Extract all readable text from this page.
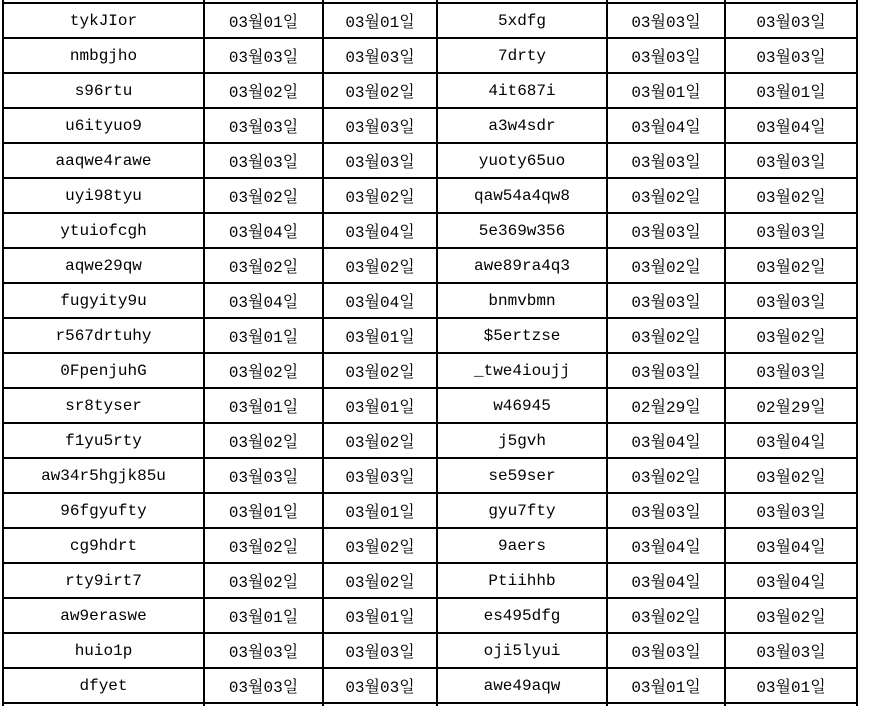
tykJIor	03월01일	03월01일	5xdfg	03월03일	03월03일
nmbgjho	03월03일	03월03일	7drty	03월03일	03월03일
s96rtu	03월02일	03월02일	4it687i	03월01일	03월01일
u6ityuo9	03월03일	03월03일	a3w4sdr	03월04일	03월04일
aaqwe4rawe	03월03일	03월03일	yuoty65uo	03월03일	03월03일
uyi98tyu	03월02일	03월02일	qaw54a4qw8	03월02일	03월02일
ytuiofcgh	03월04일	03월04일	5e369w356	03월03일	03월03일
aqwe29qw	03월02일	03월02일	awe89ra4q3	03월02일	03월02일
fugyity9u	03월04일	03월04일	bnmvbmn	03월03일	03월03일
r567drtuhy	03월01일	03월01일	$5ertzse	03월02일	03월02일
0FpenjuhG	03월02일	03월02일	_twe4ioujj	03월03일	03월03일
sr8tyser	03월01일	03월01일	w46945	02월29일	02월29일
f1yu5rty	03월02일	03월02일	j5gvh	03월04일	03월04일
aw34r5hgjk85u	03월03일	03월03일	se59ser	03월02일	03월02일
96fgyufty	03월01일	03월01일	gyu7fty	03월03일	03월03일
cg9hdrt	03월02일	03월02일	9aers	03월04일	03월04일
rty9irt7	03월02일	03월02일	Ptiihhb	03월04일	03월04일
aw9eraswe	03월01일	03월01일	es495dfg	03월02일	03월02일
huio1p	03월03일	03월03일	oji5lyui	03월03일	03월03일
dfyet	03월03일	03월03일	awe49aqw	03월01일	03월01일
